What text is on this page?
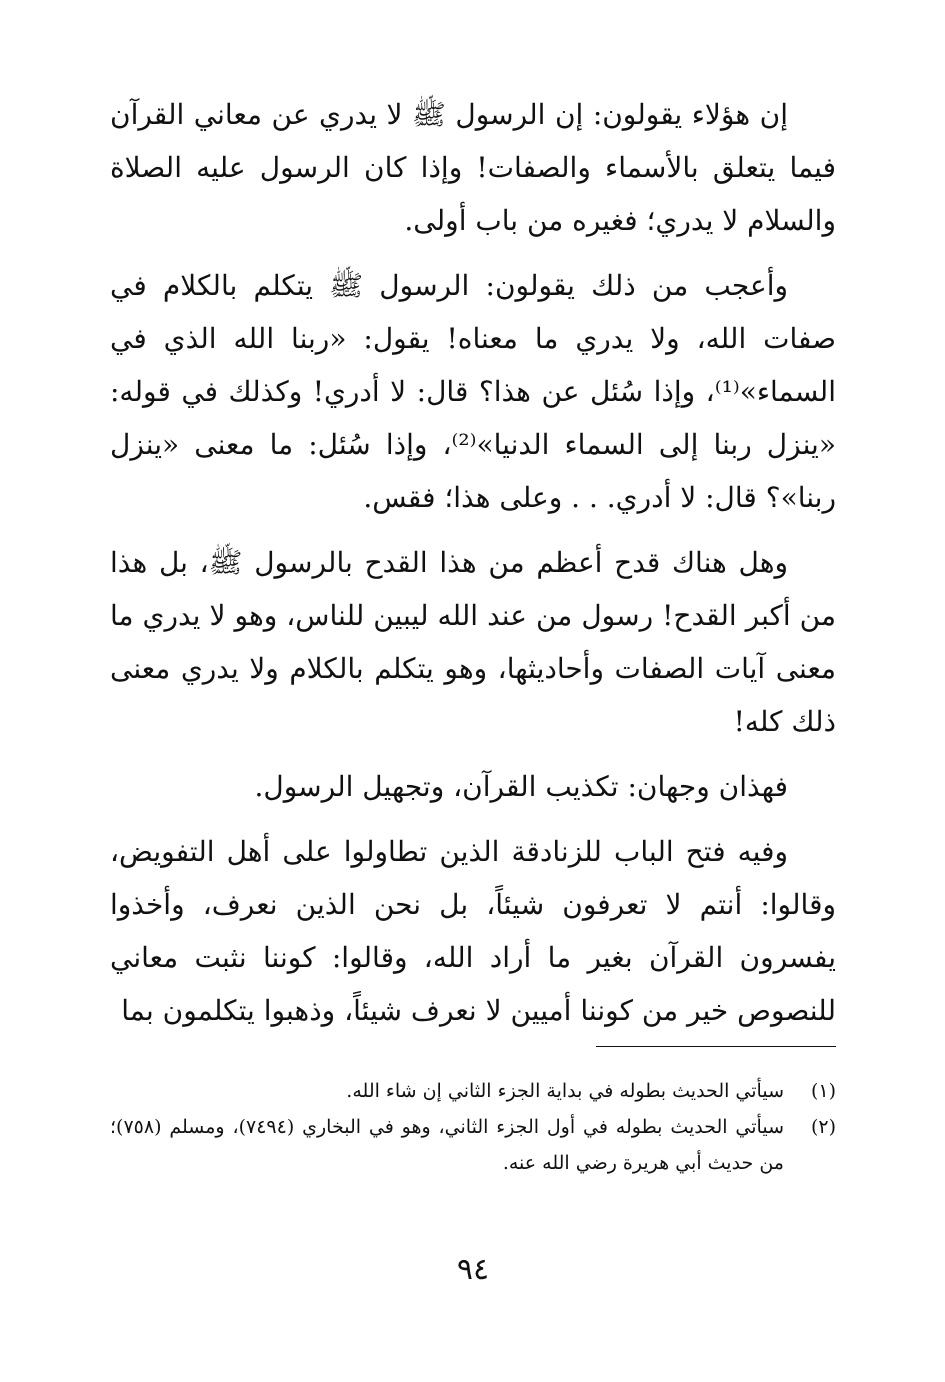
إن هؤلاء يقولون: إن الرسول ﷺ لا يدري عن معاني القرآن فيما يتعلق بالأسماء والصفات! وإذا كان الرسول عليه الصلاة والسلام لا يدري؛ فغيره من باب أولى.

وأعجب من ذلك يقولون: الرسول ﷺ يتكلم بالكلام في صفات الله، ولا يدري ما معناه! يقول: «ربنا الله الذي في السماء»⁽¹⁾، وإذا سُئل عن هذا؟ قال: لا أدري! وكذلك في قوله: «ينزل ربنا إلى السماء الدنيا»⁽²⁾، وإذا سُئل: ما معنى «ينزل ربنا»؟ قال: لا أدري. . . وعلى هذا؛ فقس.

وهل هناك قدح أعظم من هذا القدح بالرسول ﷺ، بل هذا من أكبر القدح! رسول من عند الله ليبين للناس، وهو لا يدري ما معنى آيات الصفات وأحاديثها، وهو يتكلم بالكلام ولا يدري معنى ذلك كله!

فهذان وجهان: تكذيب القرآن، وتجهيل الرسول.

وفيه فتح الباب للزنادقة الذين تطاولوا على أهل التفويض، وقالوا: أنتم لا تعرفون شيئاً، بل نحن الذين نعرف، وأخذوا يفسرون القرآن بغير ما أراد الله، وقالوا: كوننا نثبت معاني للنصوص خير من كوننا أميين لا نعرف شيئاً، وذهبوا يتكلمون بما

(١)
سيأتي الحديث بطوله في بداية الجزء الثاني إن شاء الله.
(٢)
سيأتي الحديث بطوله في أول الجزء الثاني، وهو في البخاري (٧٤٩٤)، ومسلم (٧٥٨)؛ من حديث أبي هريرة رضي الله عنه.
٩٤
